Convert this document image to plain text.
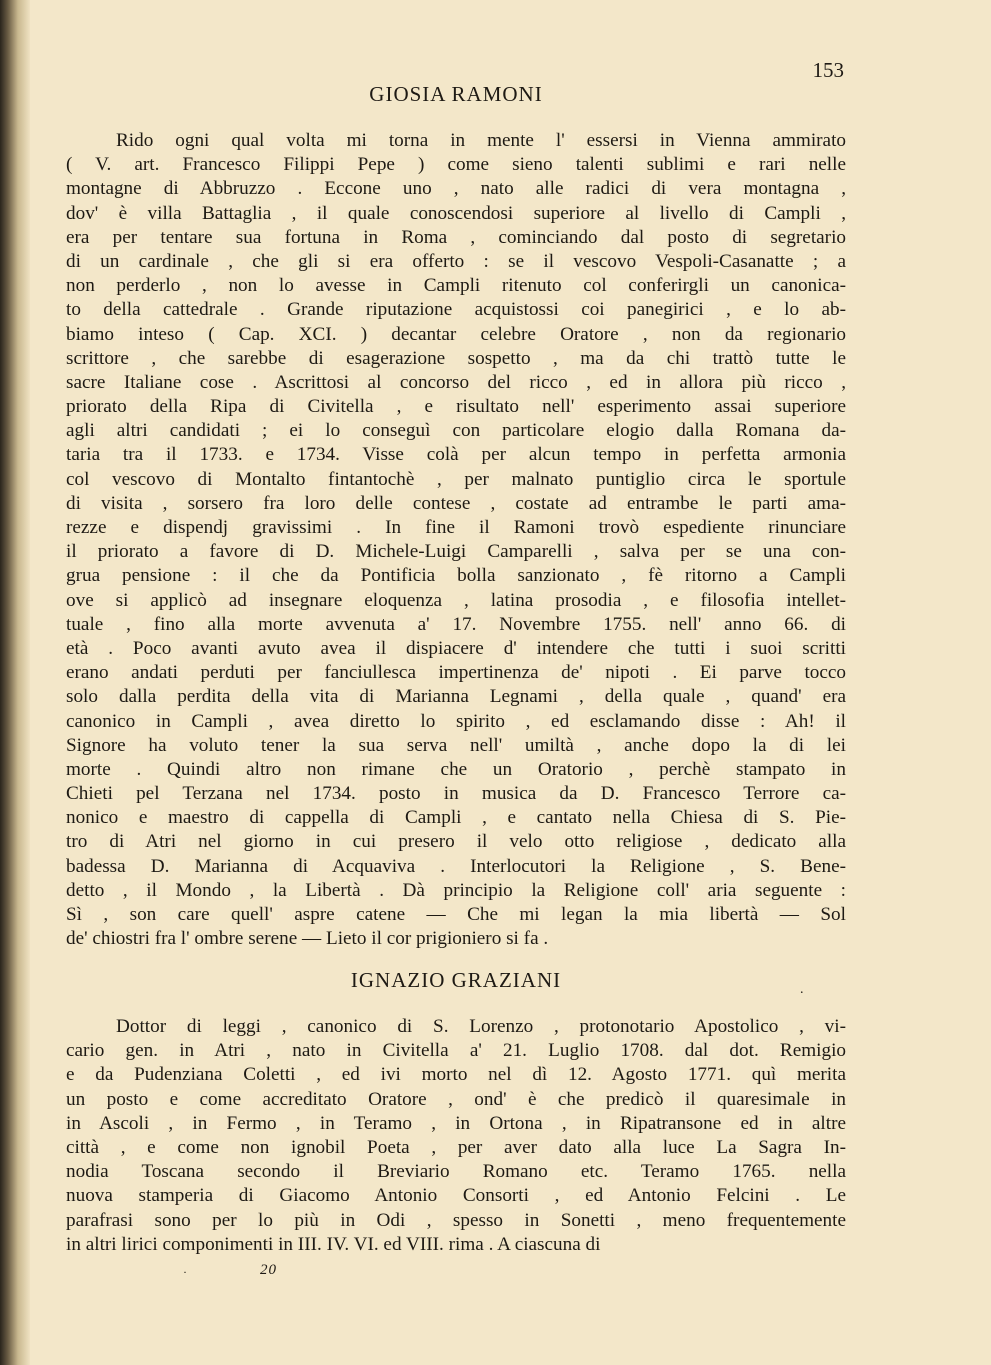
153
GIOSIA RAMONI
Rido ogni qual volta mi torna in mente l' essersi in Vienna ammirato
( V. art. Francesco Filippi Pepe ) come sieno talenti sublimi e rari nelle
montagne di Abbruzzo . Eccone uno , nato alle radici di vera montagna ,
dov' è villa Battaglia , il quale conoscendosi superiore al livello di Campli ,
era per tentare sua fortuna in Roma , cominciando dal posto di segretario
di un cardinale , che gli si era offerto : se il vescovo Vespoli-Casanatte ; a
non perderlo , non lo avesse in Campli ritenuto col conferirgli un canonica-
to della cattedrale . Grande riputazione acquistossi coi panegirici , e lo ab-
biamo inteso ( Cap. XCI. ) decantar celebre Oratore , non da regionario
scrittore , che sarebbe di esagerazione sospetto , ma da chi trattò tutte le
sacre Italiane cose . Ascrittosi al concorso del ricco , ed in allora più ricco ,
priorato della Ripa di Civitella , e risultato nell' esperimento assai superiore
agli altri candidati ; ei lo conseguì con particolare elogio dalla Romana da-
taria tra il 1733. e 1734. Visse colà per alcun tempo in perfetta armonia
col vescovo di Montalto fintantochè , per malnato puntiglio circa le sportule
di visita , sorsero fra loro delle contese , costate ad entrambe le parti ama-
rezze e dispendj gravissimi . In fine il Ramoni trovò espediente rinunciare
il priorato a favore di D. Michele-Luigi Camparelli , salva per se una con-
grua pensione : il che da Pontificia bolla sanzionato , fè ritorno a Campli
ove si applicò ad insegnare eloquenza , latina prosodia , e filosofia intellet-
tuale , fino alla morte avvenuta a' 17. Novembre 1755. nell' anno 66. di
età . Poco avanti avuto avea il dispiacere d' intendere che tutti i suoi scritti
erano andati perduti per fanciullesca impertinenza de' nipoti . Ei parve tocco
solo dalla perdita della vita di Marianna Legnami , della quale , quand' era
canonico in Campli , avea diretto lo spirito , ed esclamando disse : Ah! il
Signore ha voluto tener la sua serva nell' umiltà , anche dopo la di lei
morte . Quindi altro non rimane che un Oratorio , perchè stampato in
Chieti pel Terzana nel 1734. posto in musica da D. Francesco Terrore ca-
nonico e maestro di cappella di Campli , e cantato nella Chiesa di S. Pie-
tro di Atri nel giorno in cui presero il velo otto religiose , dedicato alla
badessa D. Marianna di Acquaviva . Interlocutori la Religione , S. Bene-
detto , il Mondo , la Libertà . Dà principio la Religione coll' aria seguente :
Sì , son care quell' aspre catene — Che mi legan la mia libertà — Sol
de' chiostri fra l' ombre serene — Lieto il cor prigioniero si fa .
IGNAZIO GRAZIANI	.
Dottor di leggi , canonico di S. Lorenzo , protonotario Apostolico , vi-
cario gen. in Atri , nato in Civitella a' 21. Luglio 1708. dal dot. Remigio
e da Pudenziana Coletti , ed ivi morto nel dì 12. Agosto 1771. quì merita
un posto e come accreditato Oratore , ond' è che predicò il quaresimale in
in Ascoli , in Fermo , in Teramo , in Ortona , in Ripatransone ed in altre
città , e come non ignobil Poeta , per aver dato alla luce La Sagra In-
nodia Toscana secondo il Breviario Romano etc. Teramo 1765. nella
nuova stamperia di Giacomo Antonio Consorti , ed Antonio Felcini . Le
parafrasi sono per lo più in Odi , spesso in Sonetti , meno frequentemente
in altri lirici componimenti in III. IV. VI. ed VIII. rima . A ciascuna di
·	20
